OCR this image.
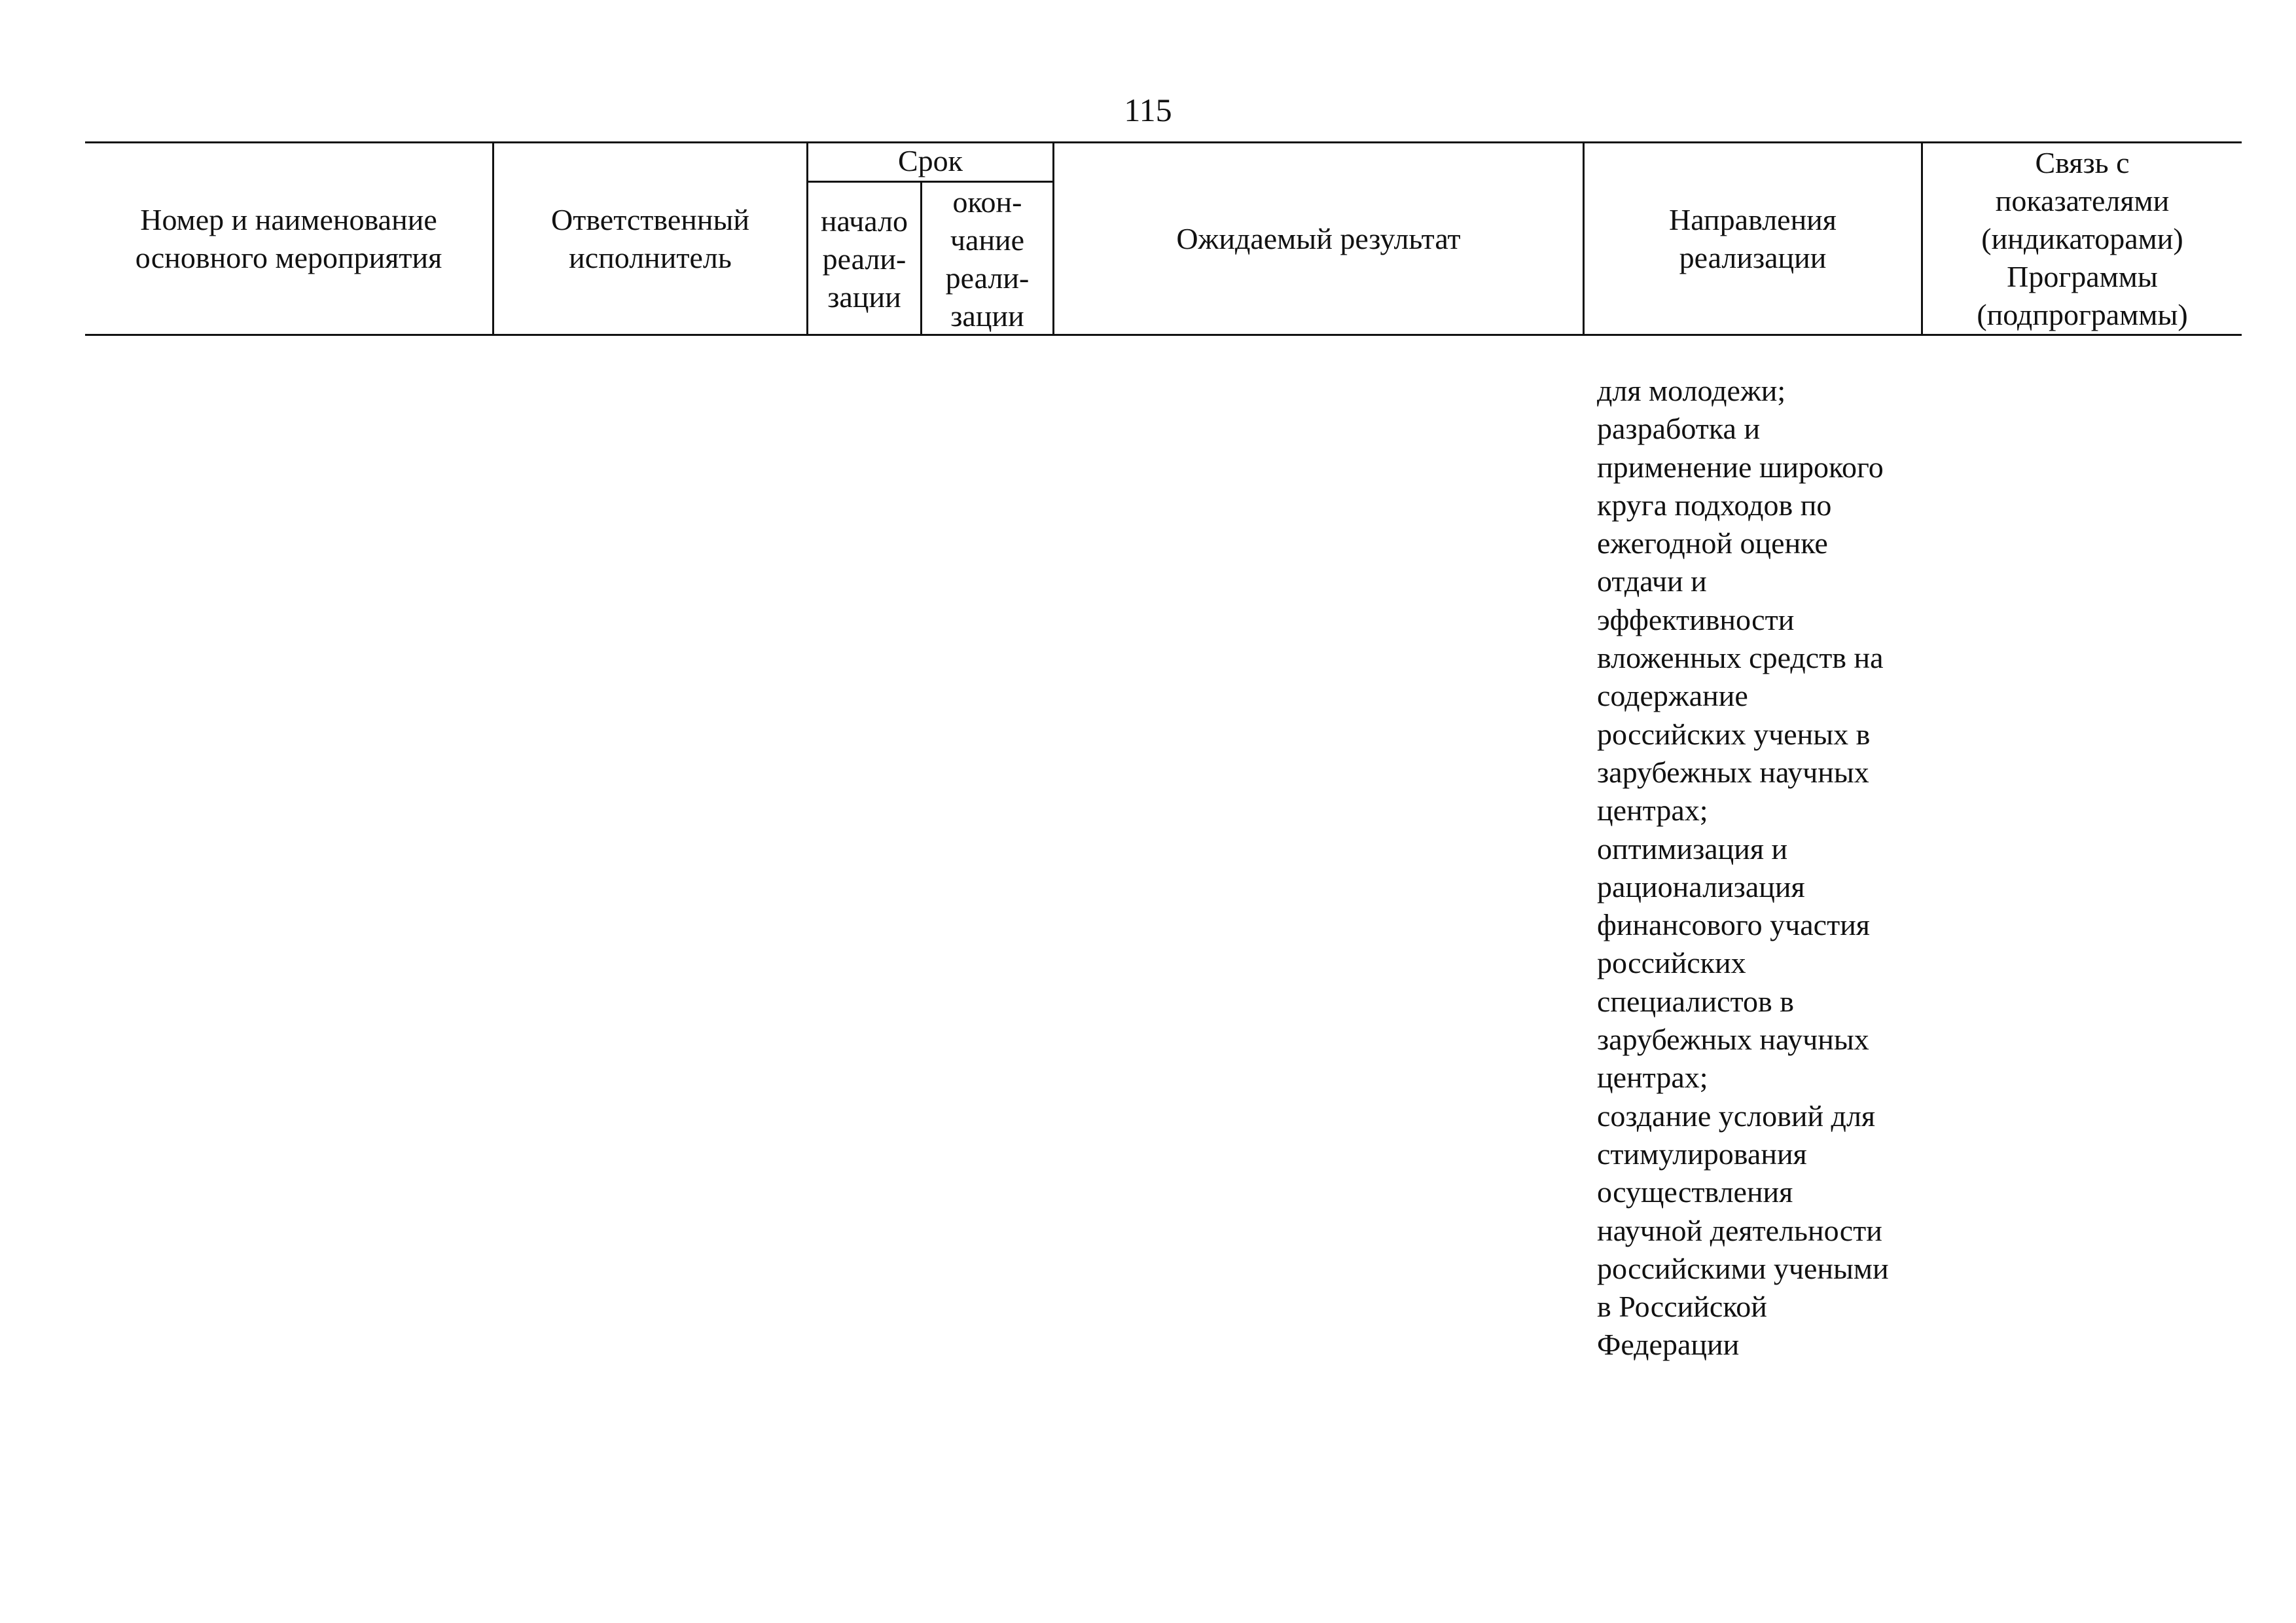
115
Номер и наименование
основного мероприятия
Ответственный
исполнитель
Срок
начало
реали-
зации
окон-
чание
реали-
зации
Ожидаемый результат
Направления
реализации
Связь с
показателями
(индикаторами)
Программы
(подпрограммы)
для молодежи;
разработка и
применение широкого
круга подходов по
ежегодной оценке
отдачи и
эффективности
вложенных средств на
содержание
российских ученых в
зарубежных научных
центрах;
оптимизация и
рационализация
финансового участия
российских
специалистов в
зарубежных научных
центрах;
создание условий для
стимулирования
осуществления
научной деятельности
российскими учеными
в Российской
Федерации
